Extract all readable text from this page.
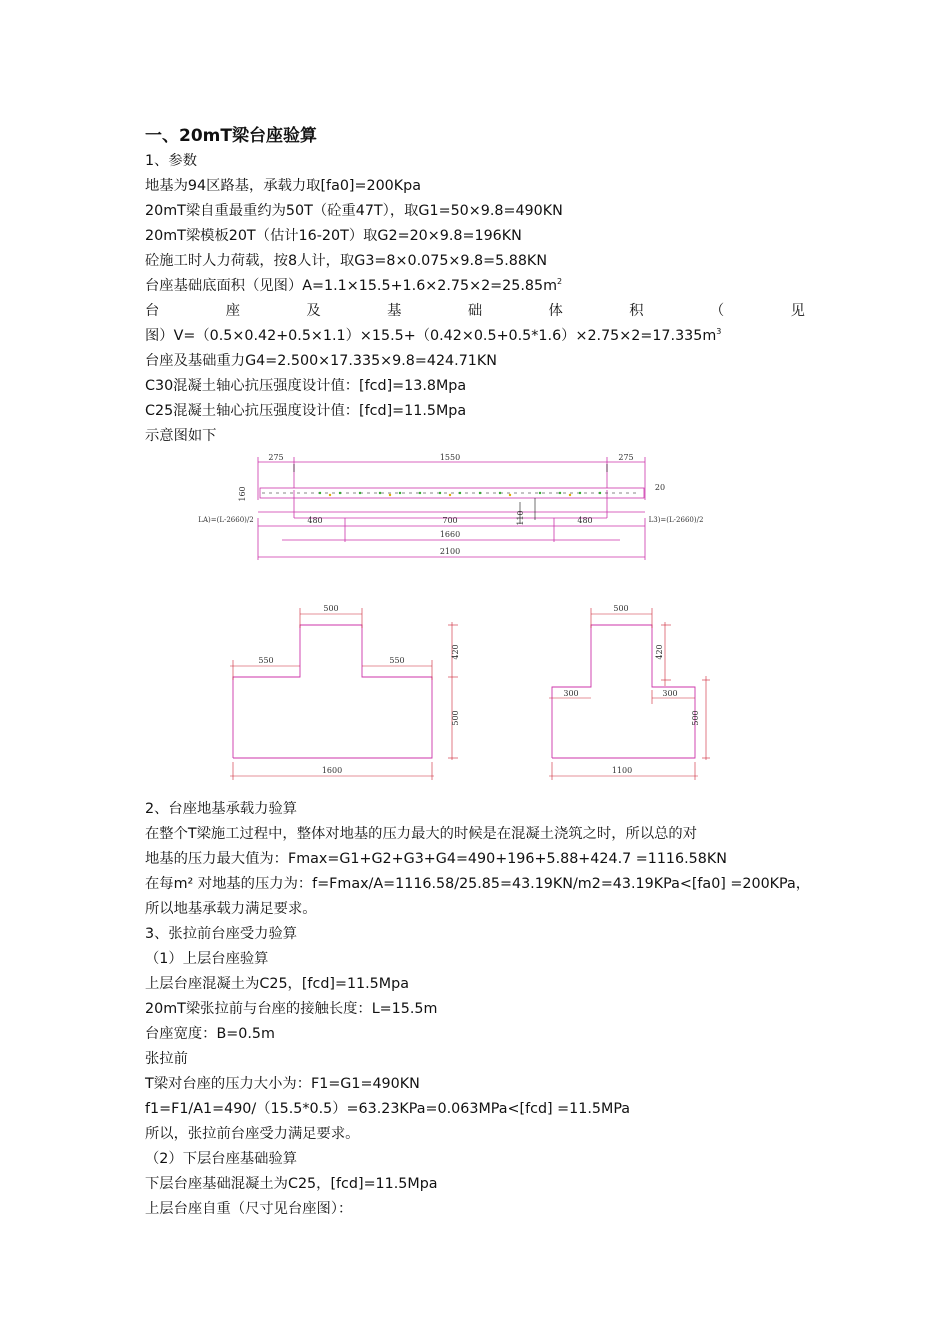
一、20mT梁台座验算
1、参数
地基为94区路基，承载力取[fa0]=200Kpa
20mT梁自重最重约为50T（砼重47T），取G1=50×9.8=490KN
20mT梁模板20T（估计16-20T）取G2=20×9.8=196KN
砼施工时人力荷载，按8人计，取G3=8×0.075×9.8=5.88KN
台座基础底面积（见图）$A=1.1\times 15.5+1.6\times 2.75\times 2=25.85m^2$
台	座	及	基	础	体	积	（	见
图）$V=(0.5\times 0.42+0.5\times 1.1)\times 15.5+(0.42\times 0.5+0.5*1.6)\times 2.75\times 2=17.335m^3$
台座及基础重力G4=2.500×17.335×9.8=424.71KN
C30混凝土轴心抗压强度设计值：[fcd]=13.8Mpa
C25混凝土轴心抗压强度设计值：[fcd]=11.5Mpa
示意图如下
275	1550	275
160	20
480	700	110	480
1660
2100
LA)=(L-2660)/2	L3)=(L-2660)/2
500
550	550
420
500
1600
500
300	300
420
500
1100
2、台座地基承载力验算
在整个T梁施工过程中，整体对地基的压力最大的时候是在混凝土浇筑之时，所以总的对
地基的压力最大值为：Fmax=G1+G2+G3+G4=490+196+5.88+424.7 =1116.58KN
在每m² 对地基的压力为：f=Fmax/A=1116.58/25.85=43.19KN/m2=43.19KPa<[fa0] =200KPa，
所以地基承载力满足要求。
3、张拉前台座受力验算
（1）上层台座验算
上层台座混凝土为C25，[fcd]=11.5Mpa
20mT梁张拉前与台座的接触长度：L=15.5m
台座宽度：B=0.5m
张拉前
T梁对台座的压力大小为：F1=G1=490KN
f1=F1/A1=490/（15.5*0.5）=63.23KPa=0.063MPa<[fcd] =11.5MPa
所以，张拉前台座受力满足要求。
（2）下层台座基础验算
下层台座基础混凝土为C25，[fcd]=11.5Mpa
上层台座自重（尺寸见台座图）：
